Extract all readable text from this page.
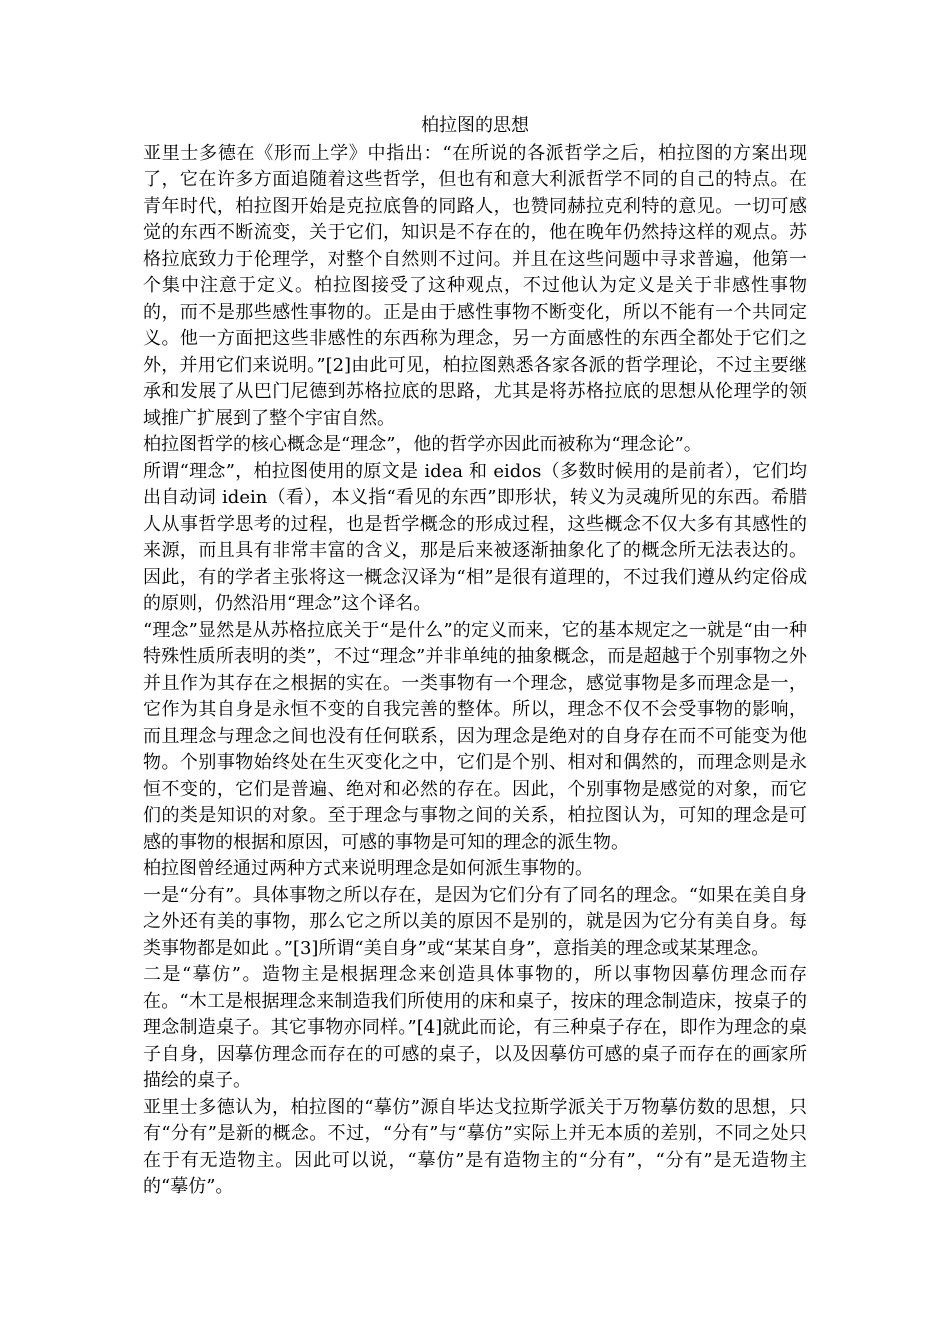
柏拉图的思想

亚里士多德在《形而上学》中指出：“在所说的各派哲学之后，柏拉图的方案出现了，它在许多方面追随着这些哲学，但也有和意大利派哲学不同的自己的特点。在青年时代，柏拉图开始是克拉底鲁的同路人，也赞同赫拉克利特的意见。一切可感觉的东西不断流变，关于它们，知识是不存在的，他在晚年仍然持这样的观点。苏格拉底致力于伦理学，对整个自然则不过问。并且在这些问题中寻求普遍，他第一个集中注意于定义。柏拉图接受了这种观点，不过他认为定义是关于非感性事物的，而不是那些感性事物的。正是由于感性事物不断变化，所以不能有一个共同定义。他一方面把这些非感性的东西称为理念，另一方面感性的东西全都处于它们之外，并用它们来说明。”[2]由此可见，柏拉图熟悉各家各派的哲学理论，不过主要继承和发展了从巴门尼德到苏格拉底的思路，尤其是将苏格拉底的思想从伦理学的领域推广扩展到了整个宇宙自然。

柏拉图哲学的核心概念是“理念”，他的哲学亦因此而被称为“理念论”。

所谓“理念”，柏拉图使用的原文是 idea 和 eidos（多数时候用的是前者），它们均出自动词 idein（看），本义指“看见的东西”即形状，转义为灵魂所见的东西。希腊人从事哲学思考的过程，也是哲学概念的形成过程，这些概念不仅大多有其感性的来源，而且具有非常丰富的含义，那是后来被逐渐抽象化了的概念所无法表达的。因此，有的学者主张将这一概念汉译为“相”是很有道理的，不过我们遵从约定俗成的原则，仍然沿用“理念”这个译名。

“理念”显然是从苏格拉底关于“是什么”的定义而来，它的基本规定之一就是“由一种特殊性质所表明的类”，不过“理念”并非单纯的抽象概念，而是超越于个别事物之外并且作为其存在之根据的实在。一类事物有一个理念，感觉事物是多而理念是一，它作为其自身是永恒不变的自我完善的整体。所以，理念不仅不会受事物的影响，而且理念与理念之间也没有任何联系，因为理念是绝对的自身存在而不可能变为他物。个别事物始终处在生灭变化之中，它们是个别、相对和偶然的，而理念则是永恒不变的，它们是普遍、绝对和必然的存在。因此，个别事物是感觉的对象，而它们的类是知识的对象。至于理念与事物之间的关系，柏拉图认为，可知的理念是可感的事物的根据和原因，可感的事物是可知的理念的派生物。

柏拉图曾经通过两种方式来说明理念是如何派生事物的。

一是“分有”。具体事物之所以存在，是因为它们分有了同名的理念。“如果在美自身之外还有美的事物，那么它之所以美的原因不是别的，就是因为它分有美自身。每类事物都是如此 。”[3]所谓“美自身”或“某某自身”，意指美的理念或某某理念。

二是“摹仿”。造物主是根据理念来创造具体事物的，所以事物因摹仿理念而存在。“木工是根据理念来制造我们所使用的床和桌子，按床的理念制造床，按桌子的理念制造桌子。其它事物亦同样。”[4]就此而论，有三种桌子存在，即作为理念的桌子自身，因摹仿理念而存在的可感的桌子，以及因摹仿可感的桌子而存在的画家所描绘的桌子。

亚里士多德认为，柏拉图的“摹仿”源自毕达戈拉斯学派关于万物摹仿数的思想，只有“分有”是新的概念。不过，“分有”与“摹仿”实际上并无本质的差别，不同之处只在于有无造物主。因此可以说，“摹仿”是有造物主的“分有”，“分有”是无造物主的“摹仿”。
